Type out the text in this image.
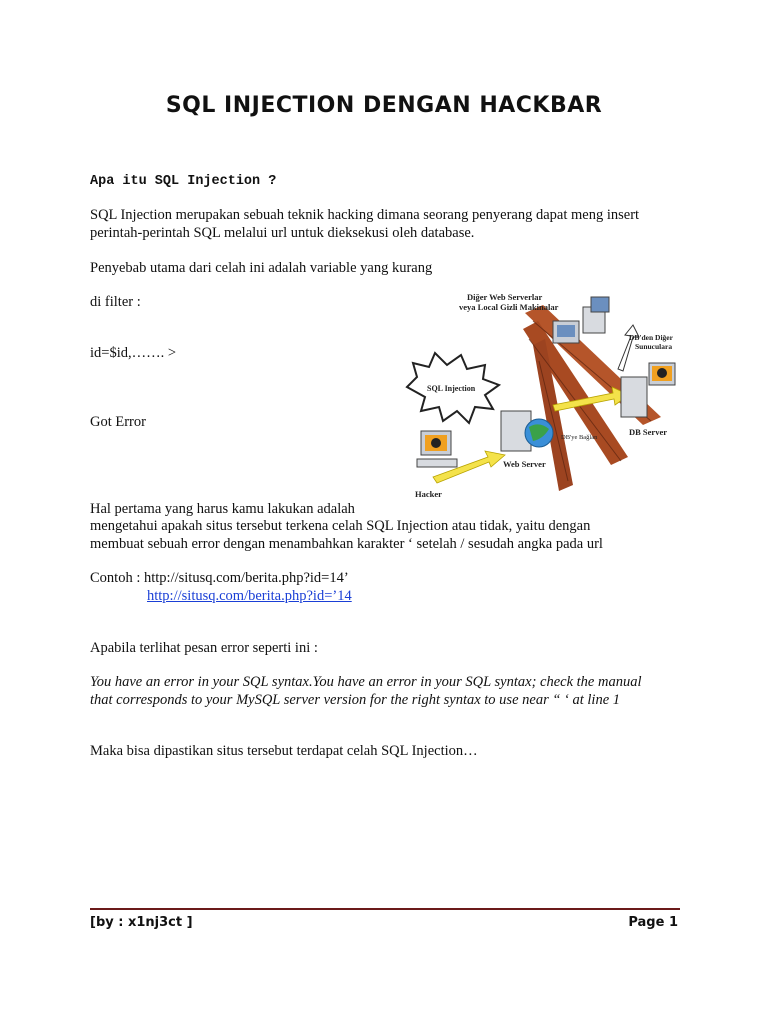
SQL INJECTION DENGAN HACKBAR
Apa itu SQL Injection ?
SQL Injection merupakan sebuah teknik hacking dimana seorang penyerang dapat meng insert
perintah-perintah SQL melalui url untuk dieksekusi oleh database.
Penyebab utama dari celah ini adalah variable yang kurang
di filter :
id=$id,……. >
Got Error
Hal pertama yang harus kamu lakukan adalah
mengetahui apakah situs tersebut terkena celah SQL Injection atau tidak, yaitu dengan
membuat sebuah error dengan menambahkan karakter ‘ setelah / sesudah angka pada url
Contoh : http://situsq.com/berita.php?id=14’
http://situsq.com/berita.php?id=’14
Apabila terlihat pesan error seperti ini :
You have an error in your SQL syntax.You have an error in your SQL syntax; check the manual
that corresponds to your MySQL server version for the right syntax to use near “ ‘ at line 1
Maka bisa dipastikan situs tersebut terdapat celah SQL Injection…
Diğer Web Serverlar
veya Local Gizli Makinalar
DB'den Diğer
Sunuculara
SQL Injection
DB Server
DB'ye Bağlan
Web Server
Hacker
[by : x1nj3ct ]	Page 1
